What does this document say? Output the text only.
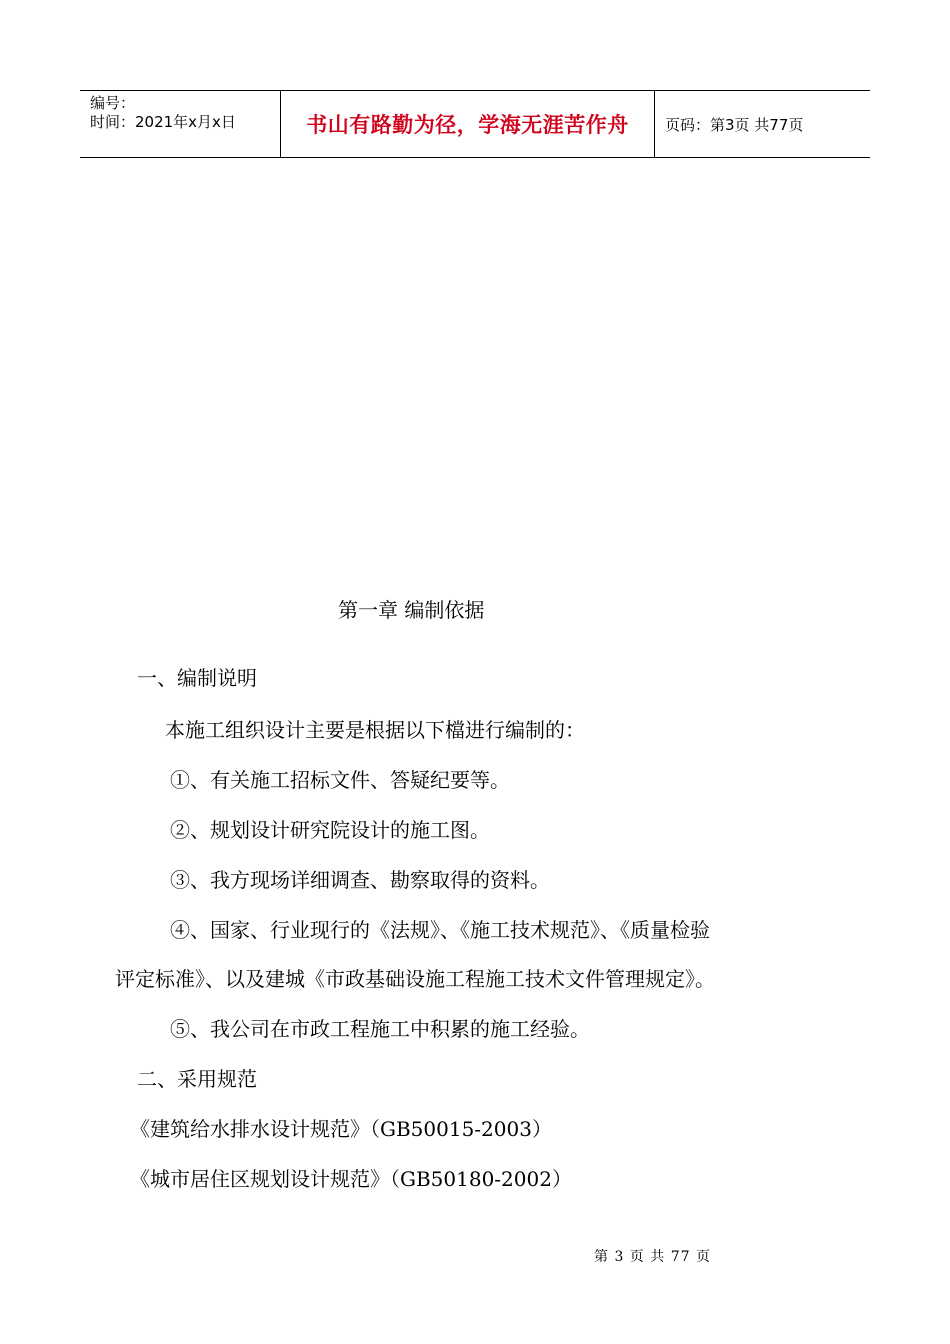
编号：
时间：2021年x月x日	书山有路勤为径，学海无涯苦作舟	页码：第3页 共77页
第一章 编制依据
一、编制说明
本施工组织设计主要是根据以下檔进行编制的：
①、有关施工招标文件、答疑纪要等。
②、规划设计研究院设计的施工图。
③、我方现场详细调查、勘察取得的资料。
④、国家、行业现行的《法规》、《施工技术规范》、《质量检验
评定标准》、以及建城《市政基础设施工程施工技术文件管理规定》。
⑤、我公司在市政工程施工中积累的施工经验。
二、采用规范
《建筑给水排水设计规范》（GB50015-2003）
《城市居住区规划设计规范》（GB50180-2002）
第 3 页 共 77 页
